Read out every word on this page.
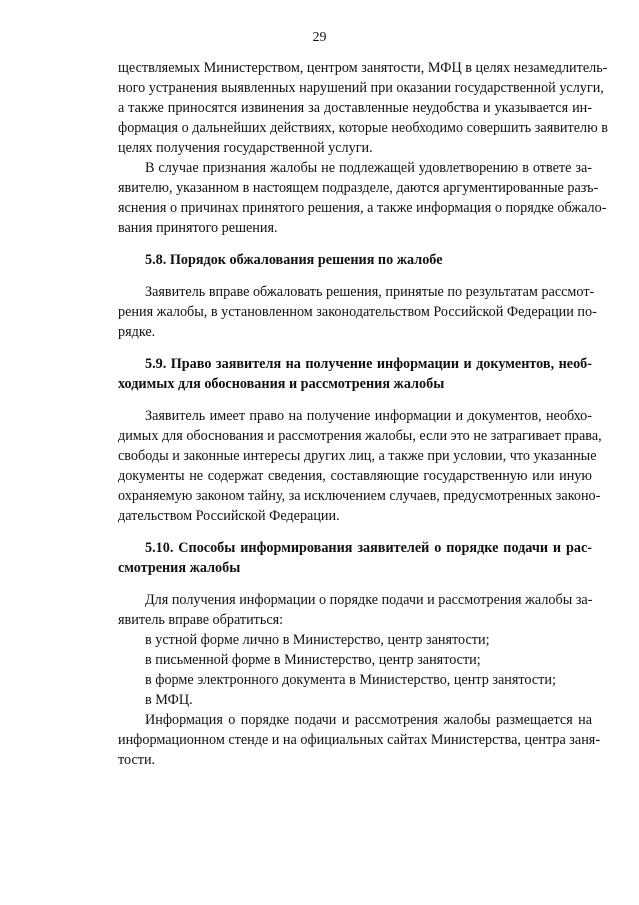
29
ществляемых Министерством, центром занятости, МФЦ в целях незамедлитель-
ного устранения выявленных нарушений при оказании государственной услуги,
а также приносятся извинения за доставленные неудобства и указывается ин-
формация о дальнейших действиях, которые необходимо совершить заявителю в
целях получения государственной услуги.
В случае признания жалобы не подлежащей удовлетворению в ответе за-
явителю, указанном в настоящем подразделе, даются аргументированные разъ-
яснения о причинах принятого решения, а также информация о порядке обжало-
вания принятого решения.
5.8. Порядок обжалования решения по жалобе
Заявитель вправе обжаловать решения, принятые по результатам рассмот-
рения жалобы, в установленном законодательством Российской Федерации по-
рядке.
5.9. Право заявителя на получение информации и документов, необ-
ходимых для обоснования и рассмотрения жалобы
Заявитель имеет право на получение информации и документов, необхо-
димых для обоснования и рассмотрения жалобы, если это не затрагивает права,
свободы и законные интересы других лиц, а также при условии, что указанные
документы не содержат сведения, составляющие государственную или иную
охраняемую законом тайну, за исключением случаев, предусмотренных законо-
дательством Российской Федерации.
5.10. Способы информирования заявителей о порядке подачи и рас-
смотрения жалобы
Для получения информации о порядке подачи и рассмотрения жалобы за-
явитель вправе обратиться:
в устной форме лично в Министерство, центр занятости;
в письменной форме в Министерство, центр занятости;
в форме электронного документа в Министерство, центр занятости;
в МФЦ.
Информация о порядке подачи и рассмотрения жалобы размещается на
информационном стенде и на официальных сайтах Министерства, центра заня-
тости.
